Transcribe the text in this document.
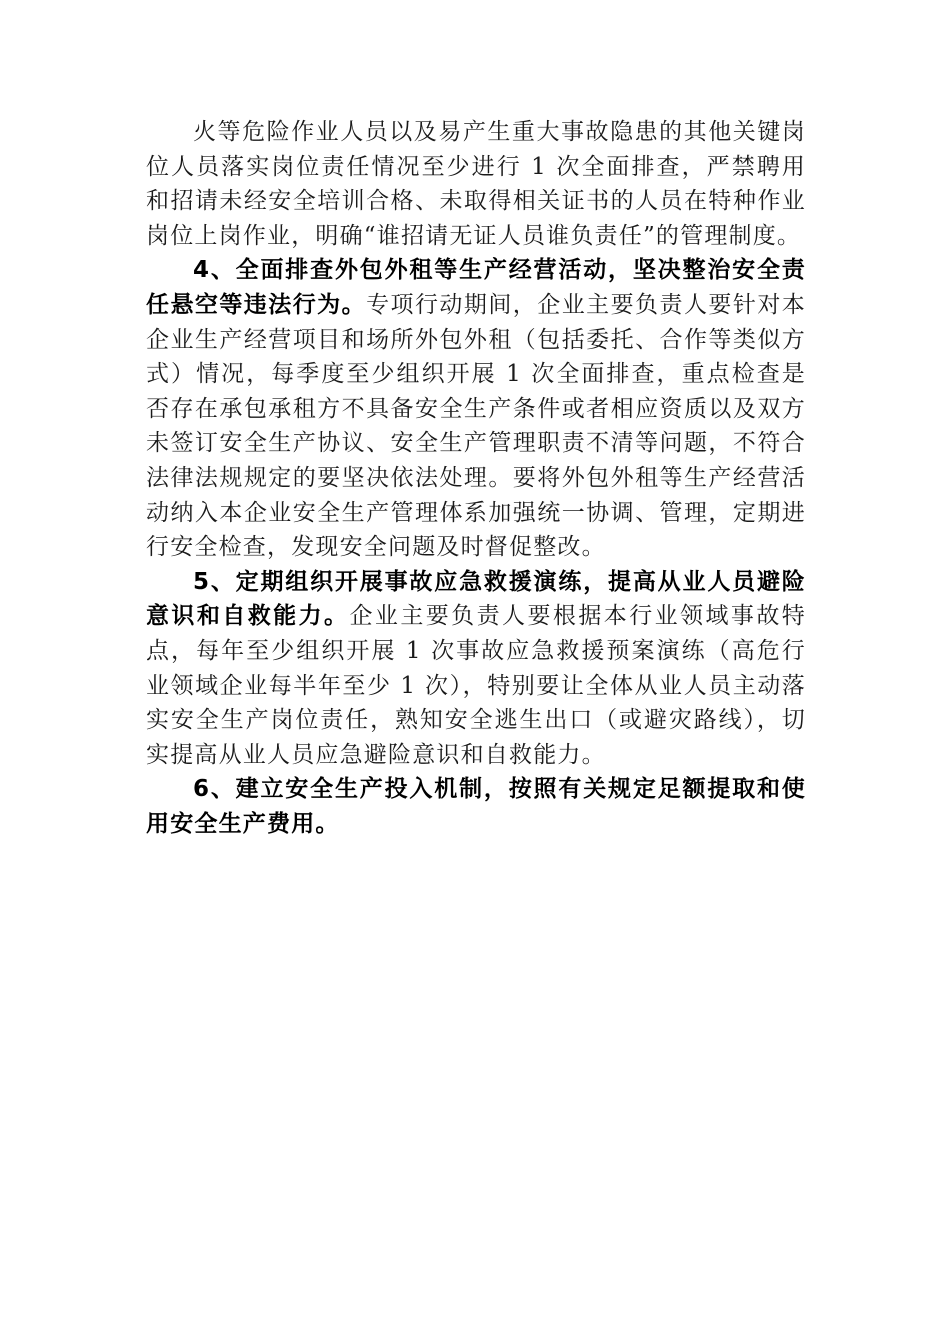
火等危险作业人员以及易产生重大事故隐患的其他关键岗位人员落实岗位责任情况至少进行 1 次全面排查，严禁聘用和招请未经安全培训合格、未取得相关证书的人员在特种作业岗位上岗作业，明确“谁招请无证人员谁负责任”的管理制度。

4、全面排查外包外租等生产经营活动，坚决整治安全责任悬空等违法行为。专项行动期间，企业主要负责人要针对本企业生产经营项目和场所外包外租（包括委托、合作等类似方式）情况，每季度至少组织开展 1 次全面排查，重点检查是否存在承包承租方不具备安全生产条件或者相应资质以及双方未签订安全生产协议、安全生产管理职责不清等问题，不符合法律法规规定的要坚决依法处理。要将外包外租等生产经营活动纳入本企业安全生产管理体系加强统一协调、管理，定期进行安全检查，发现安全问题及时督促整改。

5、定期组织开展事故应急救援演练，提高从业人员避险意识和自救能力。企业主要负责人要根据本行业领域事故特点，每年至少组织开展 1 次事故应急救援预案演练（高危行业领域企业每半年至少 1 次），特别要让全体从业人员主动落实安全生产岗位责任，熟知安全逃生出口（或避灾路线），切实提高从业人员应急避险意识和自救能力。

6、建立安全生产投入机制，按照有关规定足额提取和使用安全生产费用。
